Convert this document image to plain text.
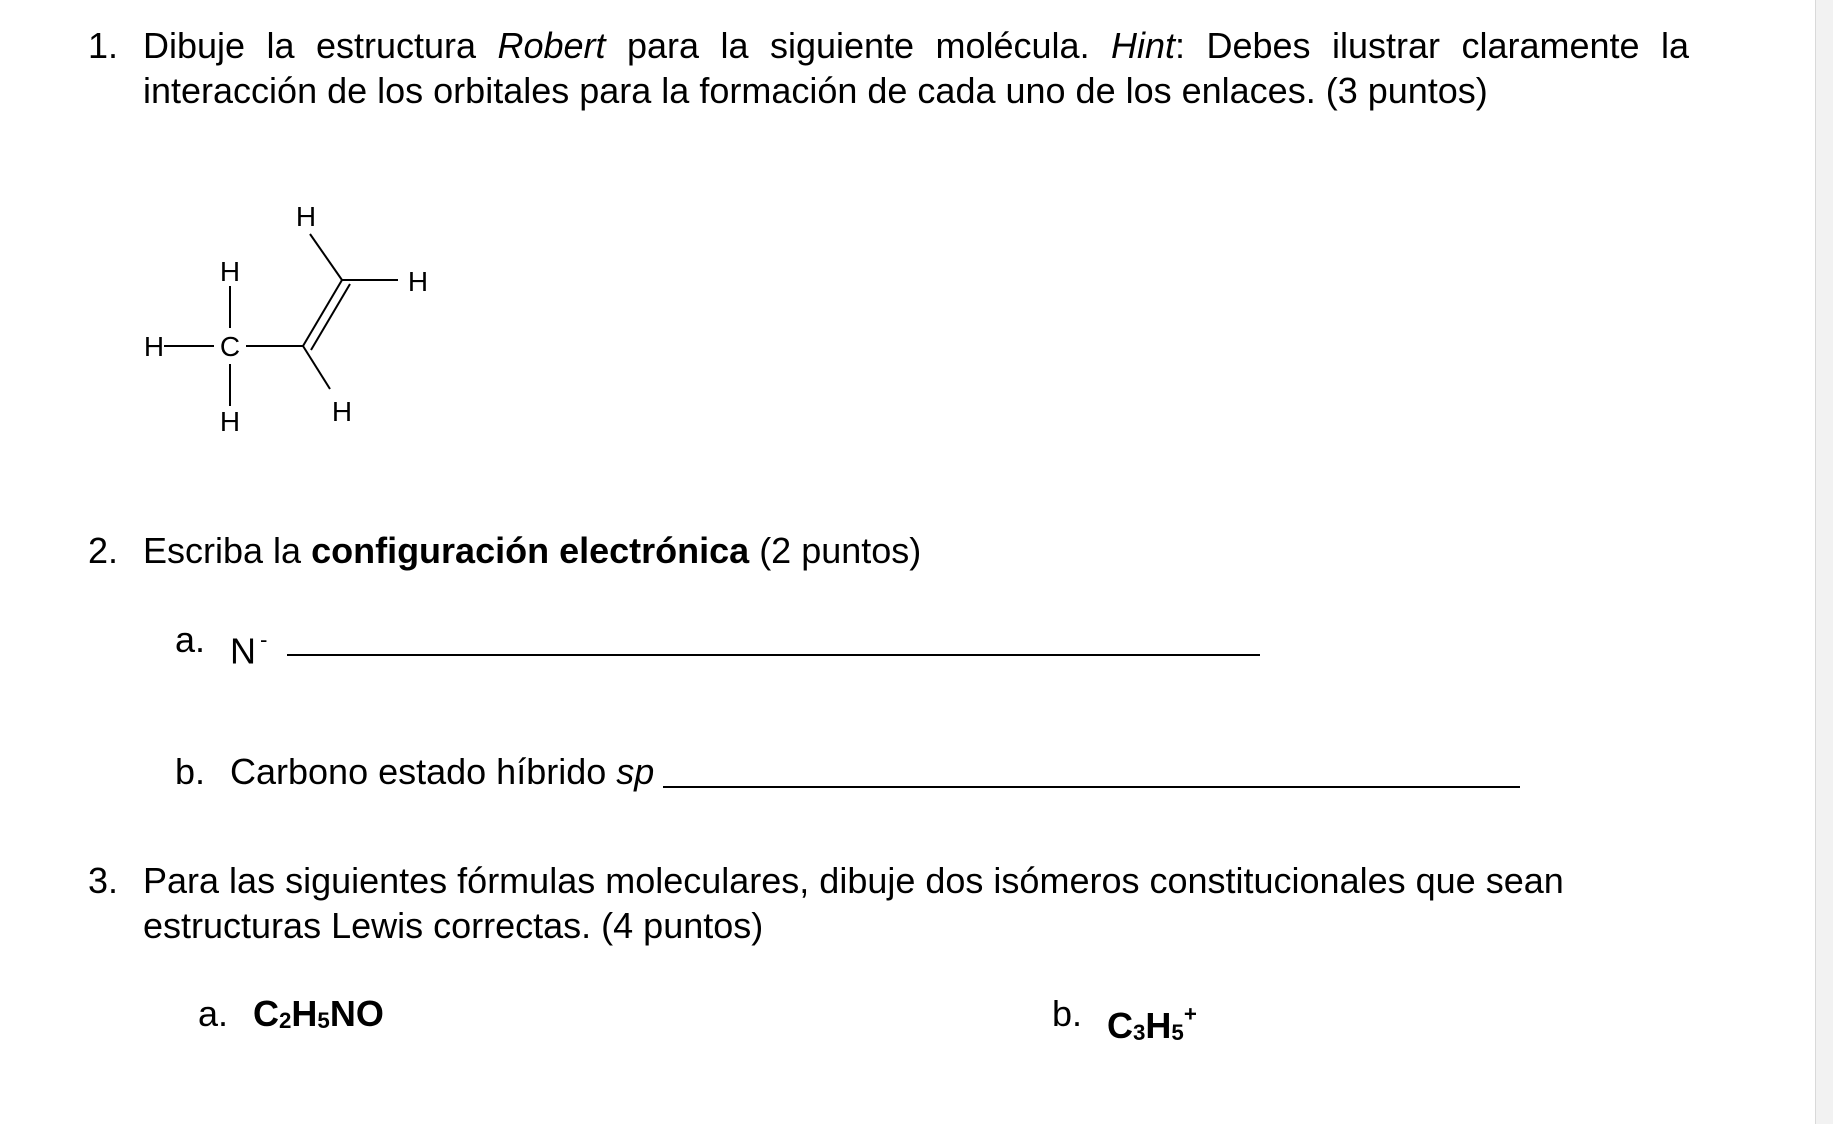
1. Dibuje la estructura Robert para la siguiente molécula. Hint: Debes ilustrar claramente la
interacción de los orbitales para la formación de cada uno de los enlaces. (3 puntos)
H
H C
H
H
H
H
2. Escriba la configuración electrónica (2 puntos)
a. N -
b. Carbono estado híbrido sp
3. Para las siguientes fórmulas moleculares, dibuje dos isómeros constitucionales que sean
estructuras Lewis correctas. (4 puntos)
a. $C_2H_5NO$	b. $C_3H_5^+$
